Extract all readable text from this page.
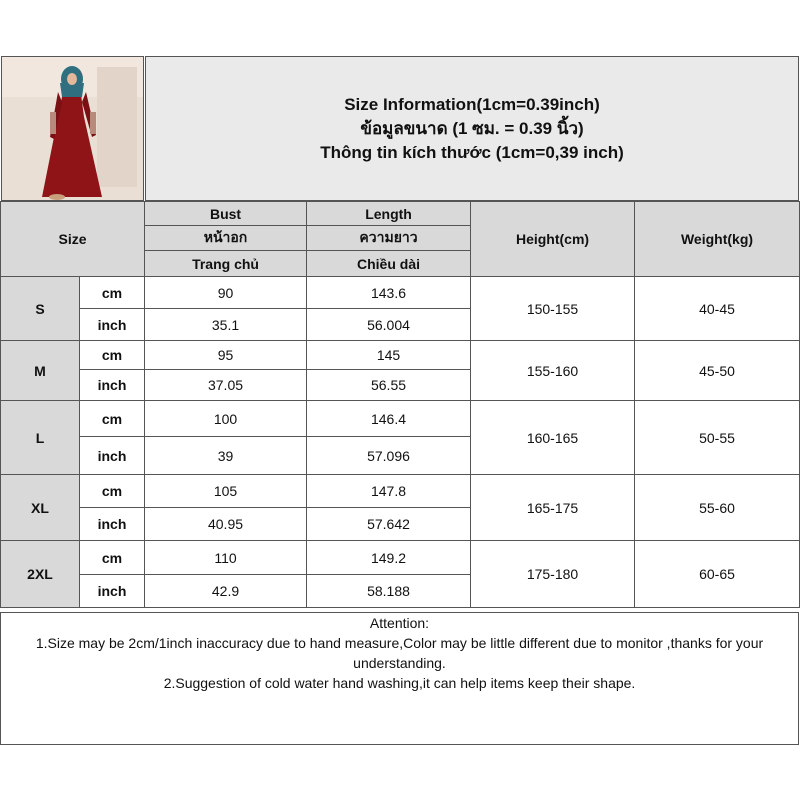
Size Information(1cm=0.39inch)
ข้อมูลขนาด (1 ซม. = 0.39 นิ้ว)
Thông tin kích thước (1cm=0,39 inch)
Size		Bust	Length	Height(cm)	Weight(kg)
		หน้าอก	ความยาว		
		Trang chủ	Chiều dài		
S	cm	90	143.6	150-155	40-45
	inch	35.1	56.004		
M	cm	95	145	155-160	45-50
	inch	37.05	56.55		
L	cm	100	146.4	160-165	50-55
	inch	39	57.096		
XL	cm	105	147.8	165-175	55-60
	inch	40.95	57.642		
2XL	cm	110	149.2	175-180	60-65
	inch	42.9	58.188		
Attention:
1.Size may be 2cm/1inch inaccuracy due to hand measure,Color may be little different due to monitor ,thanks for your understanding.
2.Suggestion of cold water hand washing,it can help items keep their shape.
